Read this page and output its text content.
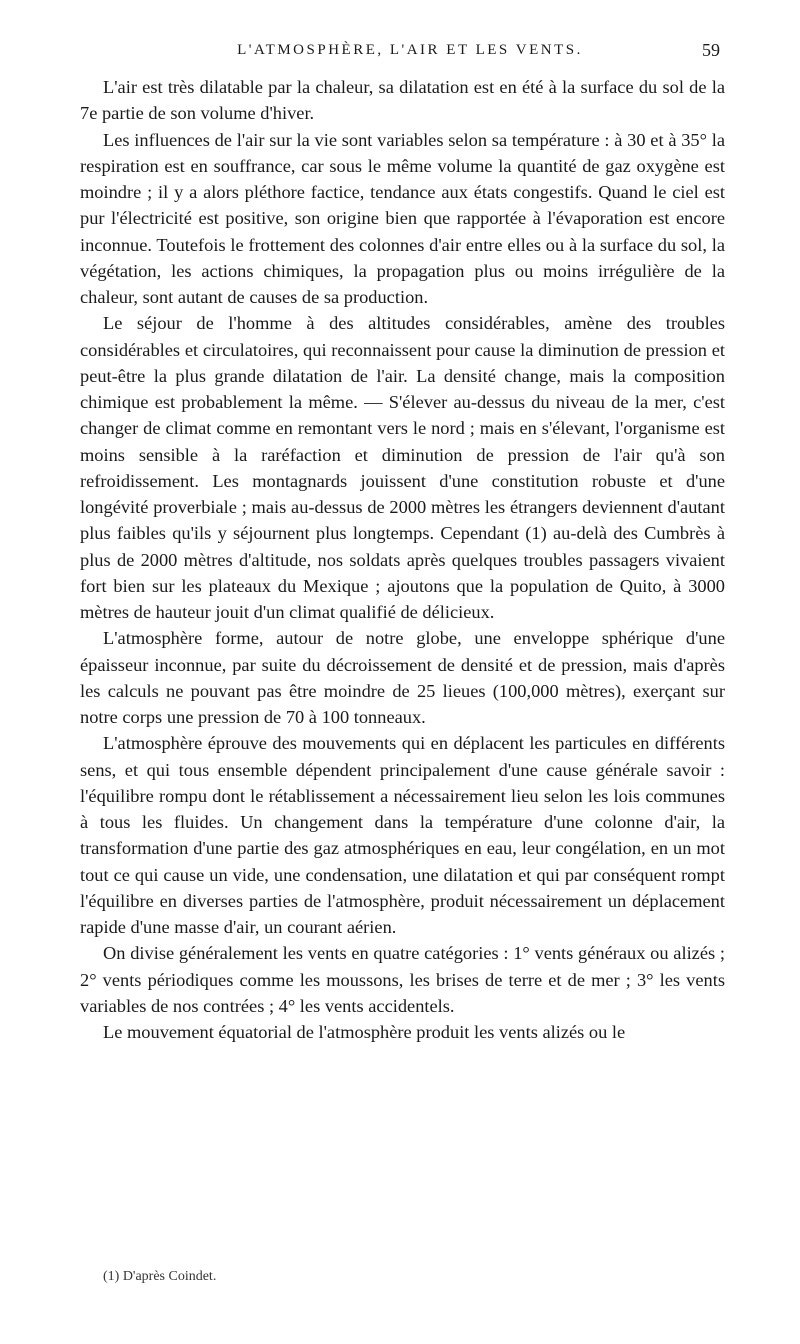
L'ATMOSPHÈRE, L'AIR ET LES VENTS.	59

L'air est très dilatable par la chaleur, sa dilatation est en été à la surface du sol de la 7e partie de son volume d'hiver.

Les influences de l'air sur la vie sont variables selon sa température : à 30 et à 35° la respiration est en souffrance, car sous le même volume la quantité de gaz oxygène est moindre ; il y a alors pléthore factice, tendance aux états congestifs. Quand le ciel est pur l'électricité est positive, son origine bien que rapportée à l'évaporation est encore inconnue. Toutefois le frottement des colonnes d'air entre elles ou à la surface du sol, la végétation, les actions chimiques, la propagation plus ou moins irrégulière de la chaleur, sont autant de causes de sa production.

Le séjour de l'homme à des altitudes considérables, amène des troubles considérables et circulatoires, qui reconnaissent pour cause la diminution de pression et peut-être la plus grande dilatation de l'air. La densité change, mais la composition chimique est probablement la même. — S'élever au-dessus du niveau de la mer, c'est changer de climat comme en remontant vers le nord ; mais en s'élevant, l'organisme est moins sensible à la raréfaction et diminution de pression de l'air qu'à son refroidissement. Les montagnards jouissent d'une constitution robuste et d'une longévité proverbiale ; mais au-dessus de 2000 mètres les étrangers deviennent d'autant plus faibles qu'ils y séjournent plus longtemps. Cependant (1) au-delà des Cumbrès à plus de 2000 mètres d'altitude, nos soldats après quelques troubles passagers vivaient fort bien sur les plateaux du Mexique ; ajoutons que la population de Quito, à 3000 mètres de hauteur jouit d'un climat qualifié de délicieux.

L'atmosphère forme, autour de notre globe, une enveloppe sphérique d'une épaisseur inconnue, par suite du décroissement de densité et de pression, mais d'après les calculs ne pouvant pas être moindre de 25 lieues (100,000 mètres), exerçant sur notre corps une pression de 70 à 100 tonneaux.

L'atmosphère éprouve des mouvements qui en déplacent les particules en différents sens, et qui tous ensemble dépendent principalement d'une cause générale savoir : l'équilibre rompu dont le rétablissement a nécessairement lieu selon les lois communes à tous les fluides. Un changement dans la température d'une colonne d'air, la transformation d'une partie des gaz atmosphériques en eau, leur congélation, en un mot tout ce qui cause un vide, une condensation, une dilatation et qui par conséquent rompt l'équilibre en diverses parties de l'atmosphère, produit nécessairement un déplacement rapide d'une masse d'air, un courant aérien.

On divise généralement les vents en quatre catégories : 1° vents généraux ou alizés ; 2° vents périodiques comme les moussons, les brises de terre et de mer ; 3° les vents variables de nos contrées ; 4° les vents accidentels.

Le mouvement équatorial de l'atmosphère produit les vents alizés ou le

(1) D'après Coindet.
